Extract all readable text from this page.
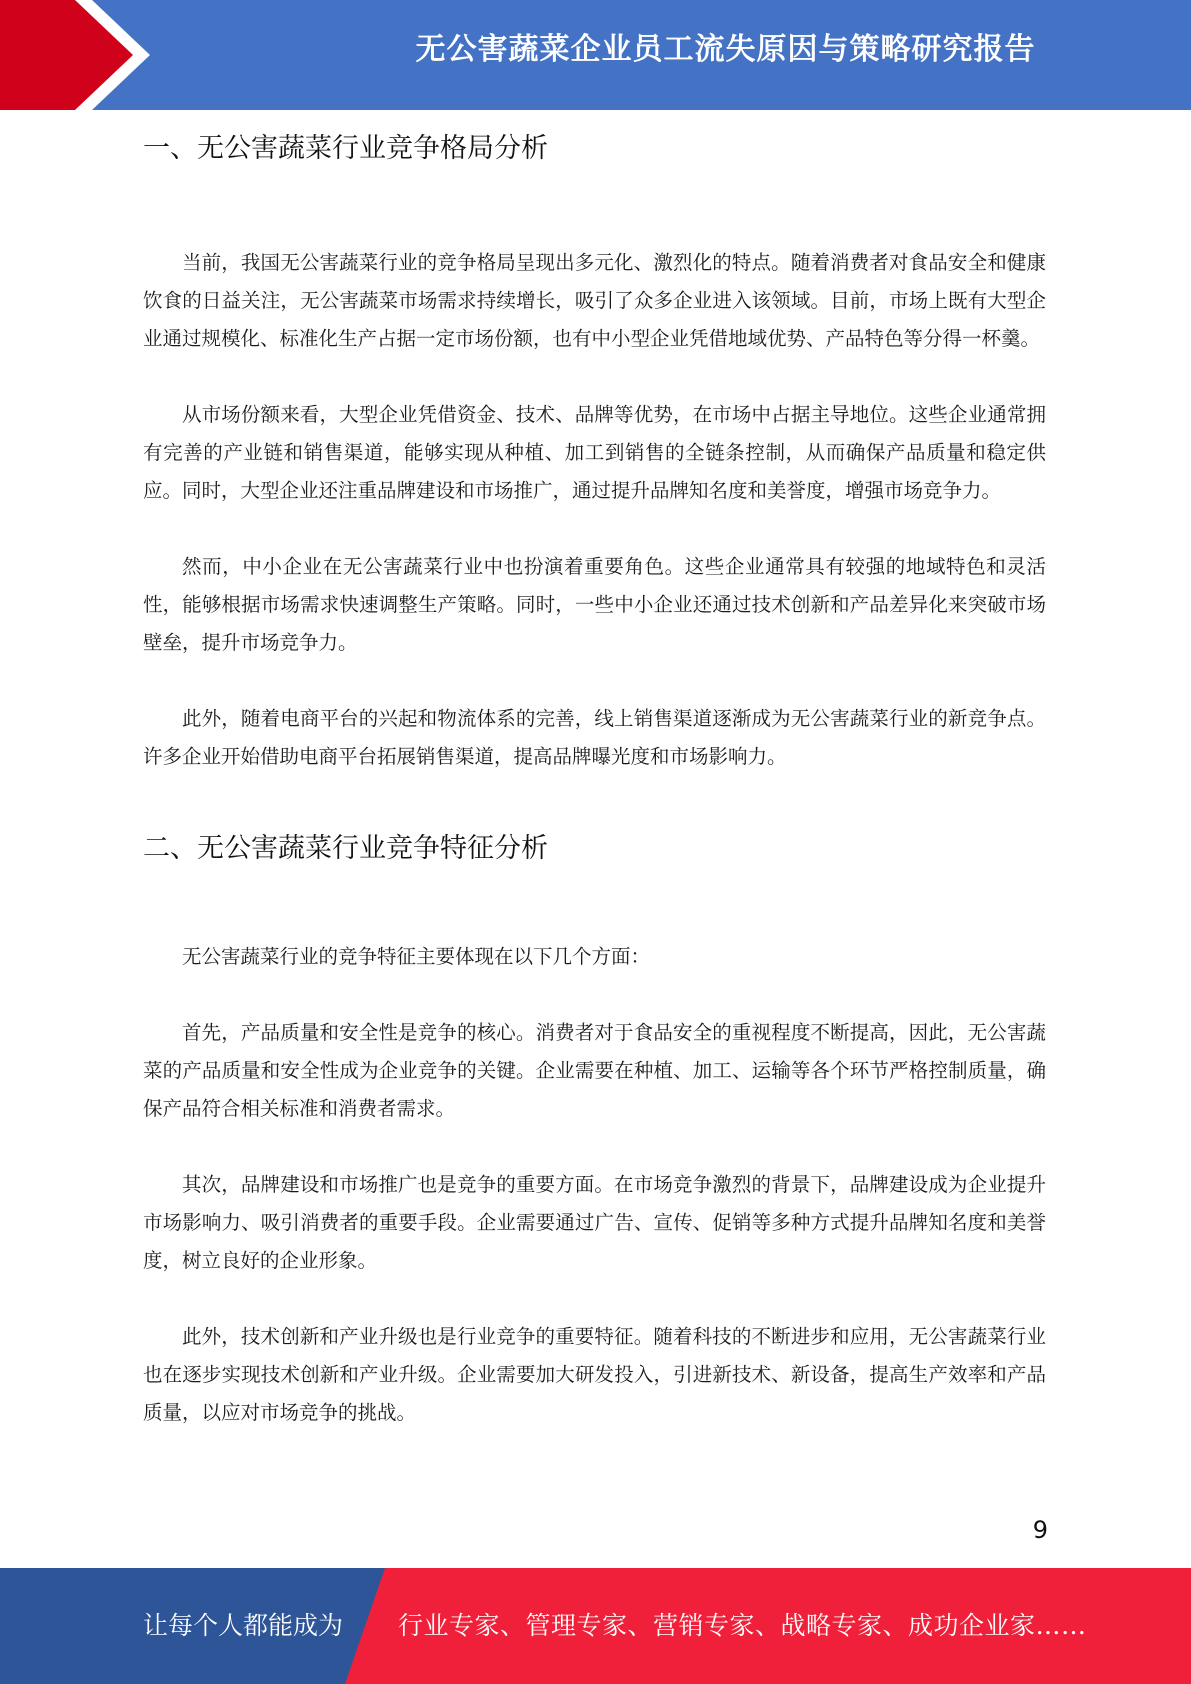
无公害蔬菜企业员工流失原因与策略研究报告
一、无公害蔬菜行业竞争格局分析

当前，我国无公害蔬菜行业的竞争格局呈现出多元化、激烈化的特点。随着消费者对食品安全和健康饮食的日益关注，无公害蔬菜市场需求持续增长，吸引了众多企业进入该领域。目前，市场上既有大型企业通过规模化、标准化生产占据一定市场份额，也有中小型企业凭借地域优势、产品特色等分得一杯羹。

从市场份额来看，大型企业凭借资金、技术、品牌等优势，在市场中占据主导地位。这些企业通常拥有完善的产业链和销售渠道，能够实现从种植、加工到销售的全链条控制，从而确保产品质量和稳定供应。同时，大型企业还注重品牌建设和市场推广，通过提升品牌知名度和美誉度，增强市场竞争力。

然而，中小企业在无公害蔬菜行业中也扮演着重要角色。这些企业通常具有较强的地域特色和灵活性，能够根据市场需求快速调整生产策略。同时，一些中小企业还通过技术创新和产品差异化来突破市场壁垒，提升市场竞争力。

此外，随着电商平台的兴起和物流体系的完善，线上销售渠道逐渐成为无公害蔬菜行业的新竞争点。许多企业开始借助电商平台拓展销售渠道，提高品牌曝光度和市场影响力。

二、无公害蔬菜行业竞争特征分析

无公害蔬菜行业的竞争特征主要体现在以下几个方面：

首先，产品质量和安全性是竞争的核心。消费者对于食品安全的重视程度不断提高，因此，无公害蔬菜的产品质量和安全性成为企业竞争的关键。企业需要在种植、加工、运输等各个环节严格控制质量，确保产品符合相关标准和消费者需求。

其次，品牌建设和市场推广也是竞争的重要方面。在市场竞争激烈的背景下，品牌建设成为企业提升市场影响力、吸引消费者的重要手段。企业需要通过广告、宣传、促销等多种方式提升品牌知名度和美誉度，树立良好的企业形象。

此外，技术创新和产业升级也是行业竞争的重要特征。随着科技的不断进步和应用，无公害蔬菜行业也在逐步实现技术创新和产业升级。企业需要加大研发投入，引进新技术、新设备，提高生产效率和产品质量，以应对市场竞争的挑战。

9
让每个人都能成为 行业专家、管理专家、营销专家、战略专家、成功企业家……
